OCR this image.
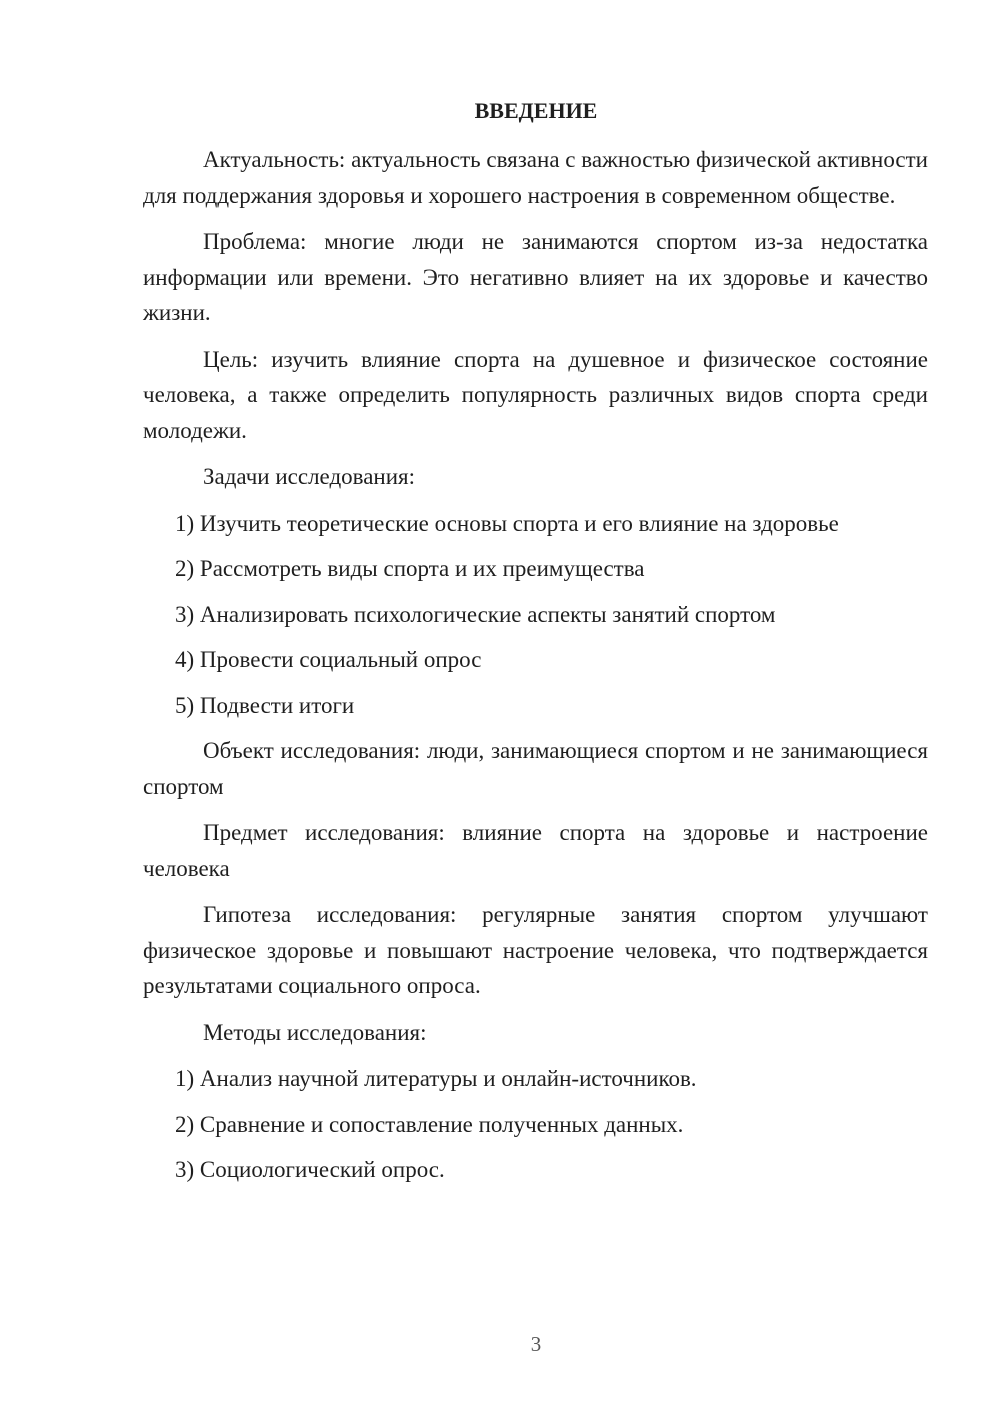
ВВЕДЕНИЕ

Актуальность: актуальность связана с важностью физической активности для поддержания здоровья и хорошего настроения в современном обществе.

Проблема: многие люди не занимаются спортом из-за недостатка информации или времени. Это негативно влияет на их здоровье и качество жизни.

Цель: изучить влияние спорта на душевное и физическое состояние человека, а также определить популярность различных видов спорта среди молодежи.

Задачи исследования:

1) Изучить теоретические основы спорта и его влияние на здоровье

2) Рассмотреть виды спорта и их преимущества

3) Анализировать психологические аспекты занятий спортом

4) Провести социальный опрос

5) Подвести итоги

Объект исследования: люди, занимающиеся спортом и не занимающиеся спортом

Предмет исследования: влияние спорта на здоровье и настроение человека

Гипотеза исследования: регулярные занятия спортом улучшают физическое здоровье и повышают настроение человека, что подтверждается результатами социального опроса.

Методы исследования:

1) Анализ научной литературы и онлайн-источников.

2) Сравнение и сопоставление полученных данных.

3) Социологический опрос.

3
